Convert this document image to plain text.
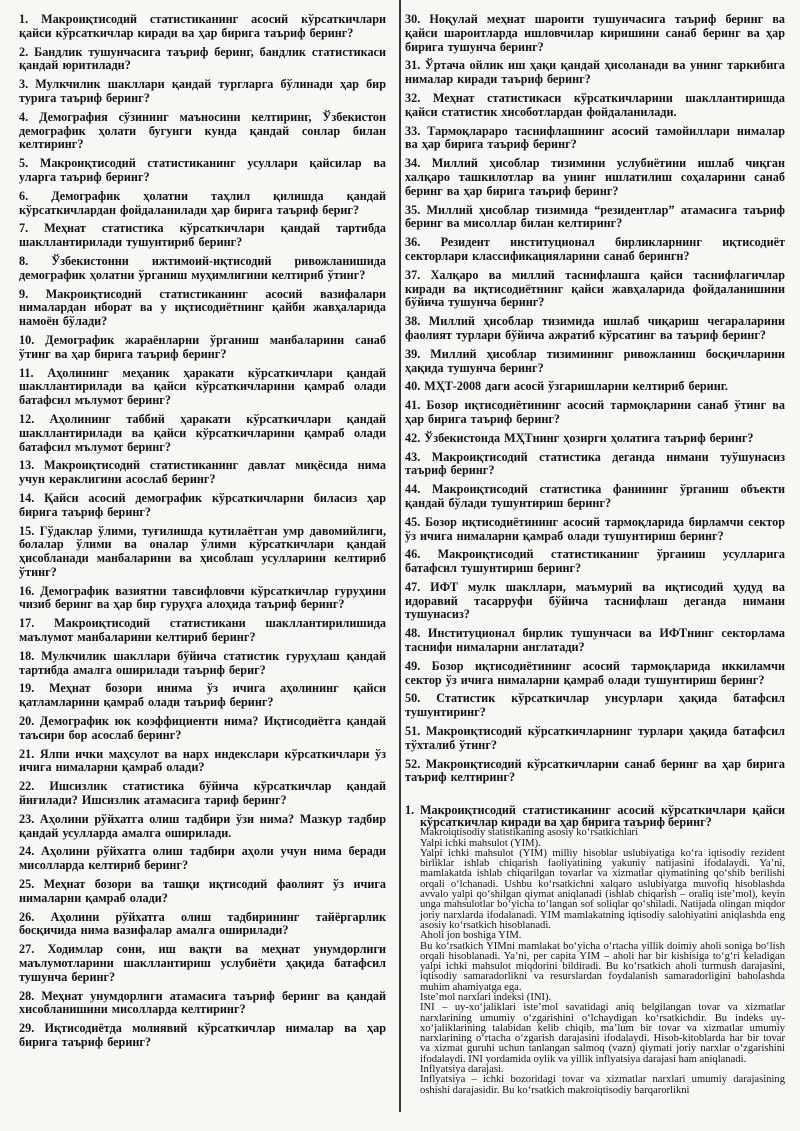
1. Макроиқтисодий статистиканинг асосий кўрсаткичлари қайси кўрсаткичлар киради ва ҳар бирига таъриф беринг?

2. Бандлик тушунчасига таъриф беринг, бандлик статистикаси қандай юритилади?

3. Мулкчилик шакллари қандай тургларга бўлинади ҳар бир турига таъриф беринг?

4. Демография сўзининг маъносини келтиринг, Ўзбекистон демографик ҳолати бугунги кунда қандай сонлар билан келтиринг?

5. Макроиқтисодий статистиканинг усуллари қайсилар ва уларга таъриф беринг?

6. Демографик ҳолатни таҳлил қилишда қандай кўрсаткичлардан фойдаланилади ҳар бирига таъриф бериг?

7. Меҳнат статистика кўрсаткичлари қандай тартибда шакллантирилади тушунтириб беринг?

8. Ўзбекистонни ижтимоий-иқтисодий ривожланишида демографик ҳолатни ўрганиш муҳимлигини келтириб ўтинг?

9. Макроиқтисодий статистиканинг асосий вазифалари нималардан иборат ва у иқтисодиётнинг қайби жавҳаларида намоён бўлади?

10. Демографик жараёнларни ўрганиш манбаларини санаб ўтинг ва ҳар бирига таъриф беринг?

11. Аҳолининг меҳаник ҳаракати кўрсаткичлари қандай шакллантирилади ва қайси кўрсаткичларини қамраб олади батафсил мълумот беринг?

12. Аҳолининг таббий ҳаракати кўрсаткичлари қандай шакллантирилади ва қайси кўрсаткичларини қамраб олади батафсил мълумот беринг?

13. Макроиқтисодий статистиканинг давлат миқёсида нима учун кераклигини асослаб беринг?

14. Қайси асосий демографик кўрсаткичларни биласиз ҳар бирига таъриф беринг?

15. Гўдаклар ўлими, туғилишда кутилаётган умр давомийлиги, болалар ўлими ва оналар ўлими кўрсаткичлари қандай ҳисобланади манбаларини ва ҳисоблаш усулларини келтириб ўтинг?

16. Демографик вазиятни тавсифловчи кўрсаткичлар гуруҳини чизиб беринг ва ҳар бир гуруҳга алоҳида таъриф беринг?

17. Макроиқтисодий статистикани шакллантирилишида маълумот манбаларини келтириб беринг?

18. Мулкчилик шакллари бўйича статистик гуруҳлаш қандай тартибда амалга оширилади таъриф бериг?

19. Меҳнат бозори инима ўз ичига аҳолининг қайси қатламларини қамраб олади таъриф беринг?

20. Демографик юк коэффициенти нима? Иқтисодиётга қандай таъсири бор асослаб беринг?

21. Ялпи ички маҳсулот ва нарх индекслари кўрсаткичлари ўз ичига нималарни қамраб олади?

22. Ишсизлик статистика бўйича кўрсаткичлар қандай йиғилади? Ишсизлик атамасига тариф беринг?

23. Аҳолини рўйхатга олиш тадбири ўзи нима? Мазкур тадбир қандай усулларда амалга оширилади.

24. Аҳолини рўйхатга олиш тадбири аҳоли учун нима беради мисолларда келтириб беринг?

25. Меҳнат бозори ва ташқи иқтисодий фаолият ўз ичига нималарни қамраб олади?

26. Аҳолини рўйхатга олиш тадбирининг тайёргарлик босқичида нима вазифалар амалга оширилади?

27. Ходимлар сони, иш вақти ва меҳнат унумдорлиги маълумотларини шакллантириш услубиёти ҳақида батафсил тушунча беринг?

28. Меҳнат унумдорлиги атамасига таъриф беринг ва қандай хисобланишини мисолларда келтиринг?

29. Иқтисодиётда молиявий кўрсаткичлар нималар ва ҳар бирига таъриф беринг?

30. Ноқулай меҳнат шароити тушунчасига таъриф беринг ва қайси шароитларда ишловчилар киришини санаб беринг ва ҳар бирига тушунча беринг?

31. Ўртача ойлик иш ҳақи қандай ҳисоланади ва унинг таркибига нималар киради таъриф беринг?

32. Меҳнат статистикаси кўрсаткичларини шакллантиришда қайси статистик хисоботлардан фойдаланилади.

33. Тармоқлараро таснифлашнинг асосий тамойиллари нималар ва ҳар бирига таъриф беринг?

34. Миллий ҳисоблар тизимини услубиётини ишлаб чиқган халқаро ташкилотлар ва унинг ишлатилиш соҳаларини санаб беринг ва ҳар бирига таъриф беринг?

35. Миллий ҳисоблар тизимида “резидентлар” атамасига таъриф беринг ва мисоллар билан келтиринг?

36. Резидент институционал бирликларнинг иқтисодиёт секторлари классификацияларини санаб берингн?

37. Халқаро ва миллий таснифлашга қайси таснифлагичлар киради ва иқтисодиётнинг қайси жавҳаларида фойдаланишини бўйича тушунча беринг?

38. Миллий ҳисоблар тизимида ишлаб чиқариш чегараларини фаолият турлари бўйича ажратиб кўрсатинг ва таъриф беринг?

39. Миллий ҳисоблар тизимининг ривожланиш босқичларини ҳақида тушунча беринг?

40. МҲТ-2008 даги асосй ўзгаришларни келтириб беринг.

41. Бозор иқтисодиётининг асосий тармоқларини санаб ўтинг ва ҳар бирига таъриф беринг?

42. Ўзбекистонда МҲТнинг ҳозирги ҳолатига таъриф беринг?

43. Макроиқтисодий статистика деганда нимани туўшунасиз таъриф беринг?

44. Макроиқтисодий статистика фанининг ўрганиш объекти қандай бўлади тушунтириш беринг?

45. Бозор иқтисодиётининг асосий тармоқларида бирламчи сектор ўз ичига нималарни қамраб олади тушунтириш беринг?

46. Макроиқтисодий статистиканинг ўрганиш усулларига батафсил тушунтириш беринг?

47. ИФТ мулк шакллари, маъмурий ва иқтисодий ҳудуд ва идоравий тасарруфи бўйича таснифлаш деганда нимани тушунасиз?

48. Институционал бирлик тушунчаси ва ИФТнинг секторлама таснифи нималарни англатади?

49. Бозор иқтисодиётининг асосий тармоқларида иккиламчи сектор ўз ичига нималарни қамраб олади тушунтириш беринг?

50. Статистик кўрсаткичлар унсурлари ҳақида батафсил тушунтиринг?

51. Макроиқтисодий кўрсаткичларнинг турлари ҳақида батафсил тўхталиб ўтинг?

52. Макроиқтисодий кўрсаткичларни санаб беринг ва ҳар бирига таъриф келтиринг?

1. Макроиқтисодий статистиканинг асосий кўрсаткичлари қайси кўрсаткичлар киради ва ҳар бирига таъриф беринг?

Makroiqtisodiy statistikaning asosiy ko‘rsatkichlari

Yalpi ichki mahsulot (YIM).

Yalpi ichki mahsulot (YIM) milliy hisoblar uslubiyatiga ko‘ra iqtisodiy rezident birliklar ishlab chiqarish faoliyatining yakuniy natijasini ifodalaydi. Ya’ni, mamlakatda ishlab chiqarilgan tovarlar va xizmatlar qiymatining qo‘shib berilishi orqali o‘lchanadi. Ushbu ko‘rsatkichni xalqaro uslubiyatga muvofiq hisoblashda avvalo yalpi qo‘shilgan qiymat aniqlanadi (ishlab chiqarish – oraliq iste’mol), keyin unga mahsulotlar bo‘yicha to‘langan sof soliqlar qo‘shiladi. Natijada olingan miqdor joriy narxlarda ifodalanadi. YIM mamlakatning iqtisodiy salohiyatini aniqlashda eng asosiy ko‘rsatkich hisoblanadi.

Aholi jon boshiga YIM.

Bu ko‘rsatkich YIMni mamlakat bo‘yicha o‘rtacha yillik doimiy aholi soniga bo‘lish orqali hisoblanadi. Ya’ni, per capita YIM – aholi har bir kishisiga to‘g‘ri keladigan yalpi ichki mahsulot miqdorini bildiradi. Bu ko‘rsatkich aholi turmush darajasini, iqtisodiy samaradorlikni va resurslardan foydalanish samaradorligini baholashda muhim ahamiyatga ega.

Iste’mol narxlari indeksi (INI).

INI – uy-xo‘jaliklari iste’mol savatidagi aniq belgilangan tovar va xizmatlar narxlarining umumiy o‘zgarishini o‘lchaydigan ko‘rsatkichdir. Bu indeks uy-xo‘jaliklarining talabidan kelib chiqib, ma’lum bir tovar va xizmatlar umumiy narxlarining o‘rtacha o‘zgarish darajasini ifodalaydi. Hisob-kitoblarda har bir tovar va xizmat guruhi uchun tanlangan salmoq (vazn) qiymati joriy narxlar o‘zgarishini ifodalaydi. INI yordamida oylik va yillik inflyatsiya darajasi ham aniqlanadi.

Inflyatsiya darajasi.

Inflyatsiya – ichki bozoridagi tovar va xizmatlar narxlari umumiy darajasining oshishi darajasidir. Bu ko‘rsatkich makroiqtisodiy barqarorlikni
